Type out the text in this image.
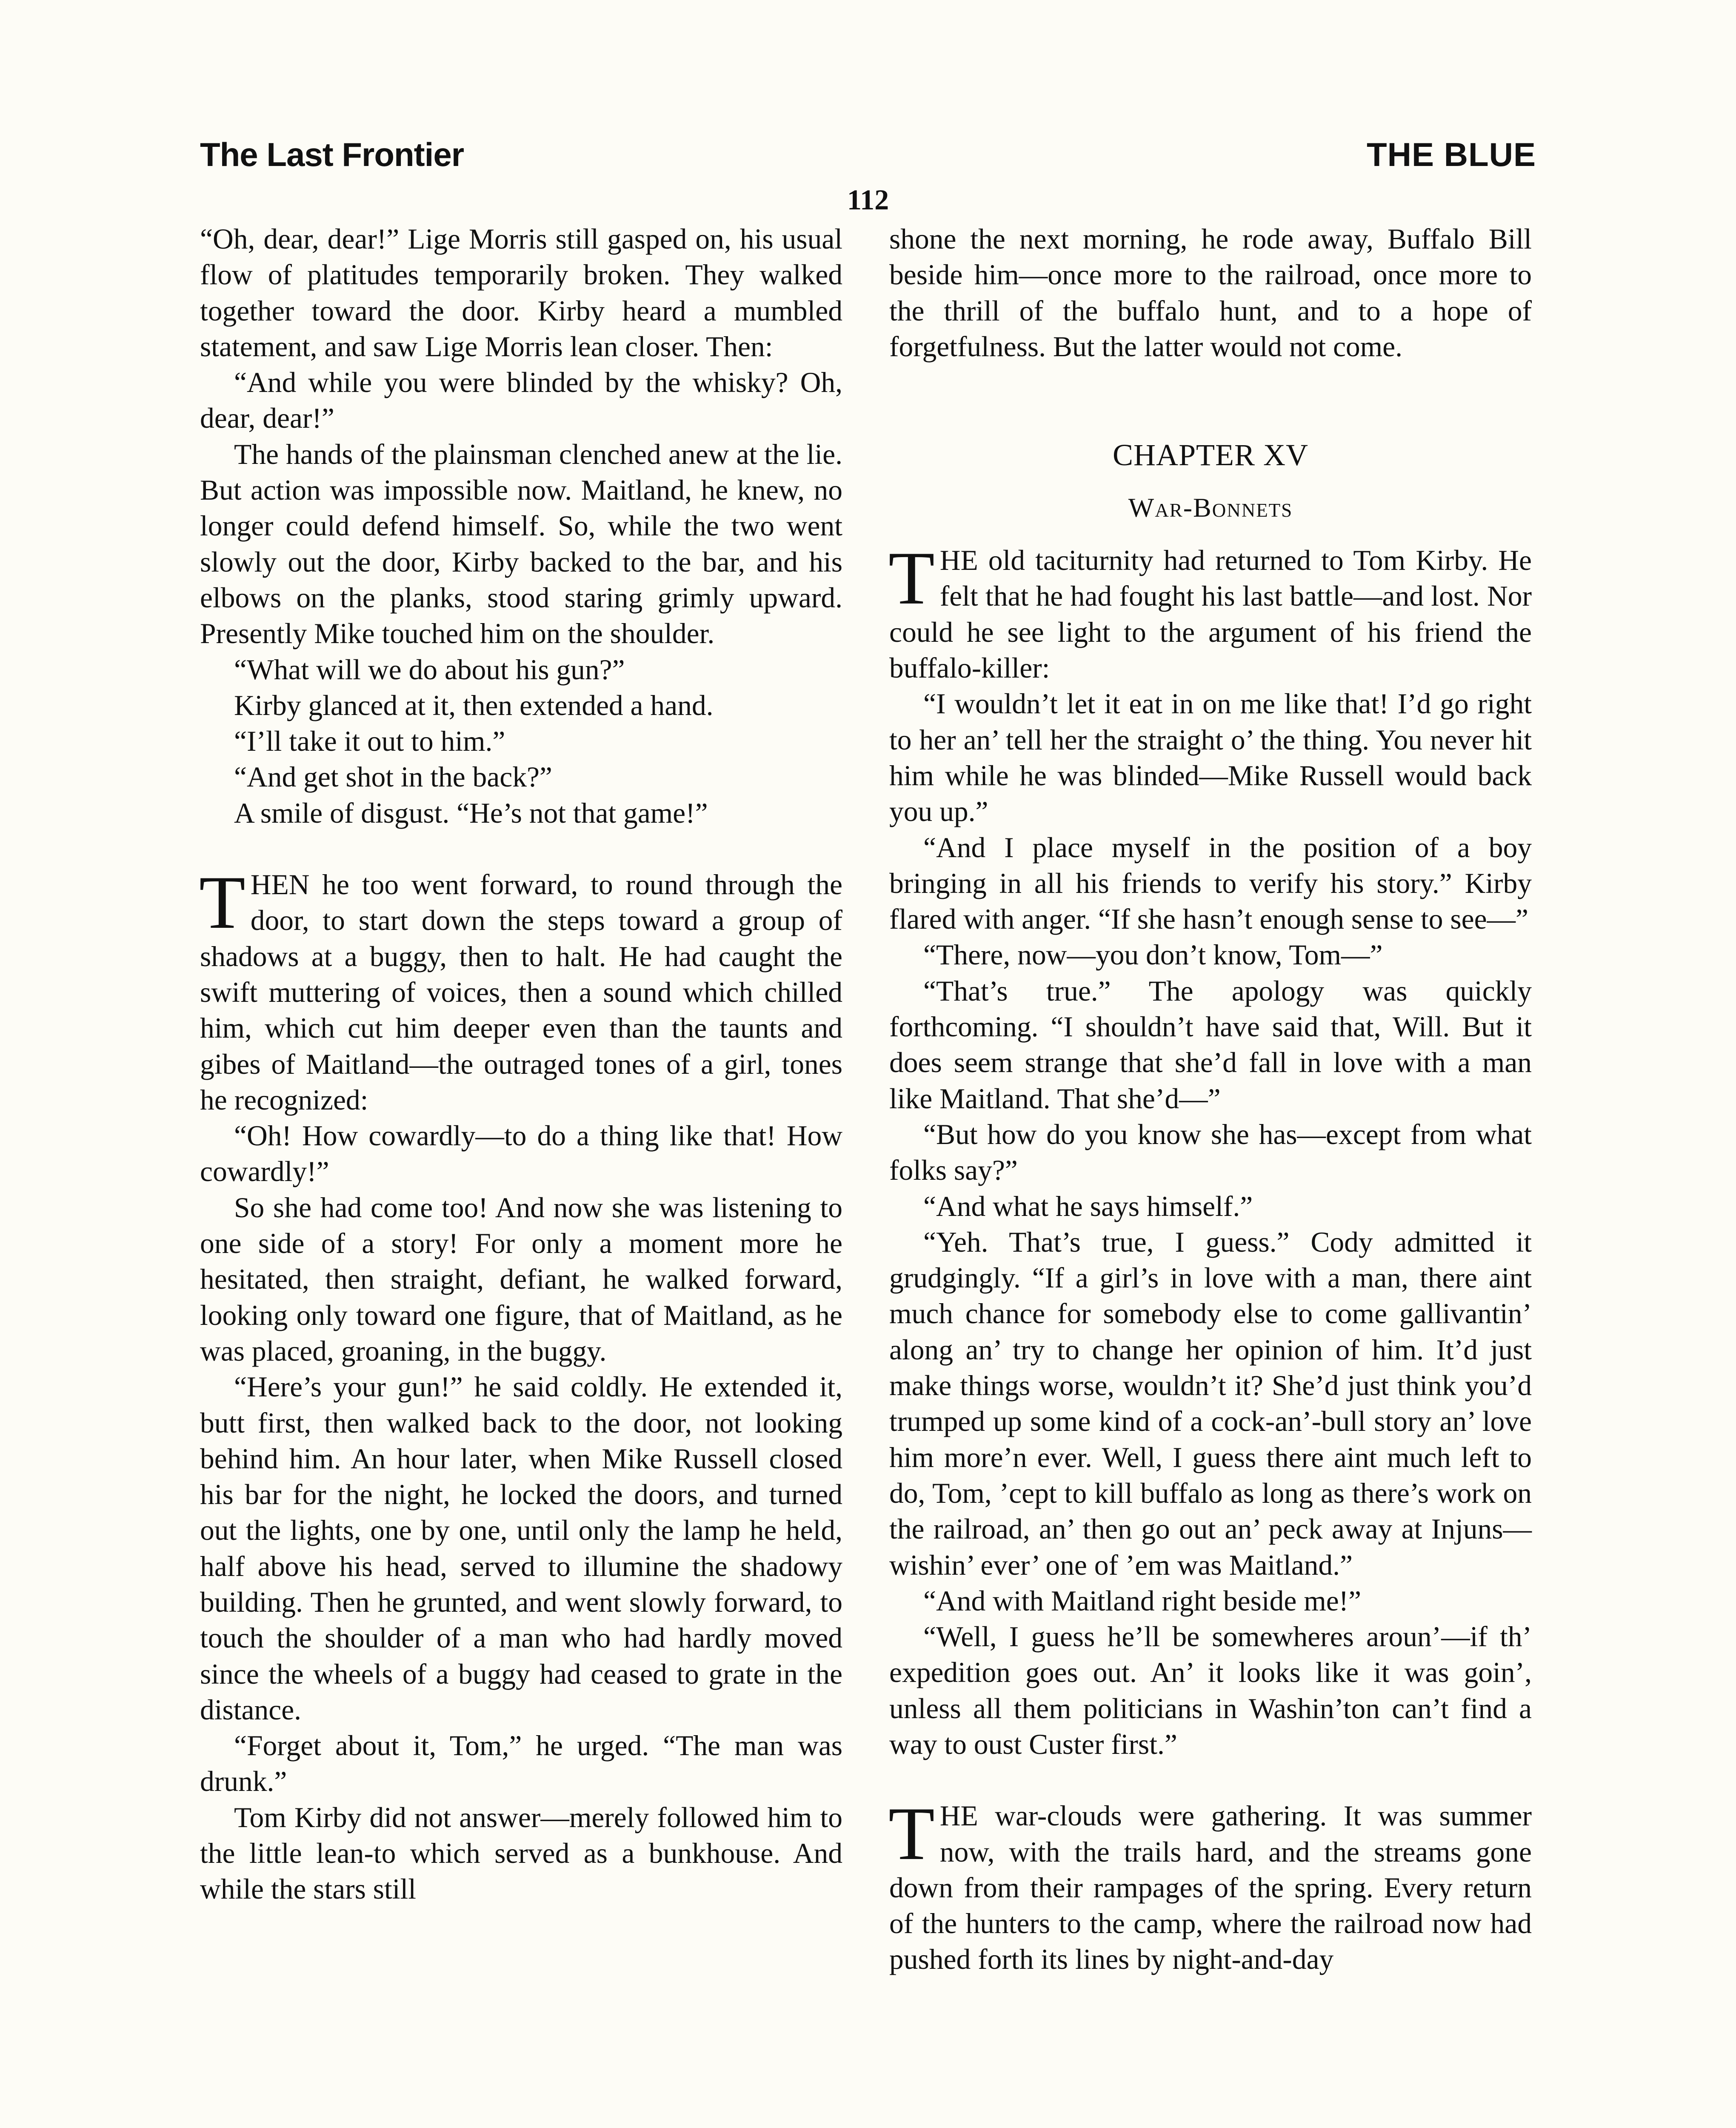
The Last Frontier	THE BLUE
112

“Oh, dear, dear!” Lige Morris still gasped on, his usual flow of platitudes temporarily broken. They walked together toward the door. Kirby heard a mumbled statement, and saw Lige Morris lean closer. Then:

“And while you were blinded by the whisky? Oh, dear, dear!”

The hands of the plainsman clenched anew at the lie. But action was impossible now. Maitland, he knew, no longer could defend himself. So, while the two went slowly out the door, Kirby backed to the bar, and his elbows on the planks, stood staring grimly upward. Presently Mike touched him on the shoulder.

“What will we do about his gun?”

Kirby glanced at it, then extended a hand.

“I’ll take it out to him.”

“And get shot in the back?”

A smile of disgust. “He’s not that game!”

THEN he too went forward, to round through the door, to start down the steps toward a group of shadows at a buggy, then to halt. He had caught the swift muttering of voices, then a sound which chilled him, which cut him deeper even than the taunts and gibes of Maitland—the outraged tones of a girl, tones he recognized:

“Oh! How cowardly—to do a thing like that! How cowardly!”

So she had come too! And now she was listening to one side of a story! For only a moment more he hesitated, then straight, defiant, he walked forward, looking only toward one figure, that of Maitland, as he was placed, groaning, in the buggy.

“Here’s your gun!” he said coldly. He extended it, butt first, then walked back to the door, not looking behind him. An hour later, when Mike Russell closed his bar for the night, he locked the doors, and turned out the lights, one by one, until only the lamp he held, half above his head, served to illumine the shadowy building. Then he grunted, and went slowly forward, to touch the shoulder of a man who had hardly moved since the wheels of a buggy had ceased to grate in the distance.

“Forget about it, Tom,” he urged. “The man was drunk.”

Tom Kirby did not answer—merely followed him to the little lean-to which served as a bunkhouse. And while the stars still

shone the next morning, he rode away, Buffalo Bill beside him—once more to the railroad, once more to the thrill of the buffalo hunt, and to a hope of forgetfulness. But the latter would not come.

CHAPTER XV
War-Bonnets

THE old taciturnity had returned to Tom Kirby. He felt that he had fought his last battle—and lost. Nor could he see light to the argument of his friend the buffalo-killer:

“I wouldn’t let it eat in on me like that! I’d go right to her an’ tell her the straight o’ the thing. You never hit him while he was blinded—Mike Russell would back you up.”

“And I place myself in the position of a boy bringing in all his friends to verify his story.” Kirby flared with anger. “If she hasn’t enough sense to see—”

“There, now—you don’t know, Tom—”

“That’s true.” The apology was quickly forthcoming. “I shouldn’t have said that, Will. But it does seem strange that she’d fall in love with a man like Maitland. That she’d—”

“But how do you know she has—except from what folks say?”

“And what he says himself.”

“Yeh. That’s true, I guess.” Cody admitted it grudgingly. “If a girl’s in love with a man, there aint much chance for somebody else to come gallivantin’ along an’ try to change her opinion of him. It’d just make things worse, wouldn’t it? She’d just think you’d trumped up some kind of a cock-an’-bull story an’ love him more’n ever. Well, I guess there aint much left to do, Tom, ’cept to kill buffalo as long as there’s work on the railroad, an’ then go out an’ peck away at Injuns—wishin’ ever’ one of ’em was Maitland.”

“And with Maitland right beside me!”

“Well, I guess he’ll be somewheres aroun’—if th’ expedition goes out. An’ it looks like it was goin’, unless all them politicians in Washin’ton can’t find a way to oust Custer first.”

THE war-clouds were gathering. It was summer now, with the trails hard, and the streams gone down from their rampages of the spring. Every return of the hunters to the camp, where the railroad now had pushed forth its lines by night-and-day
